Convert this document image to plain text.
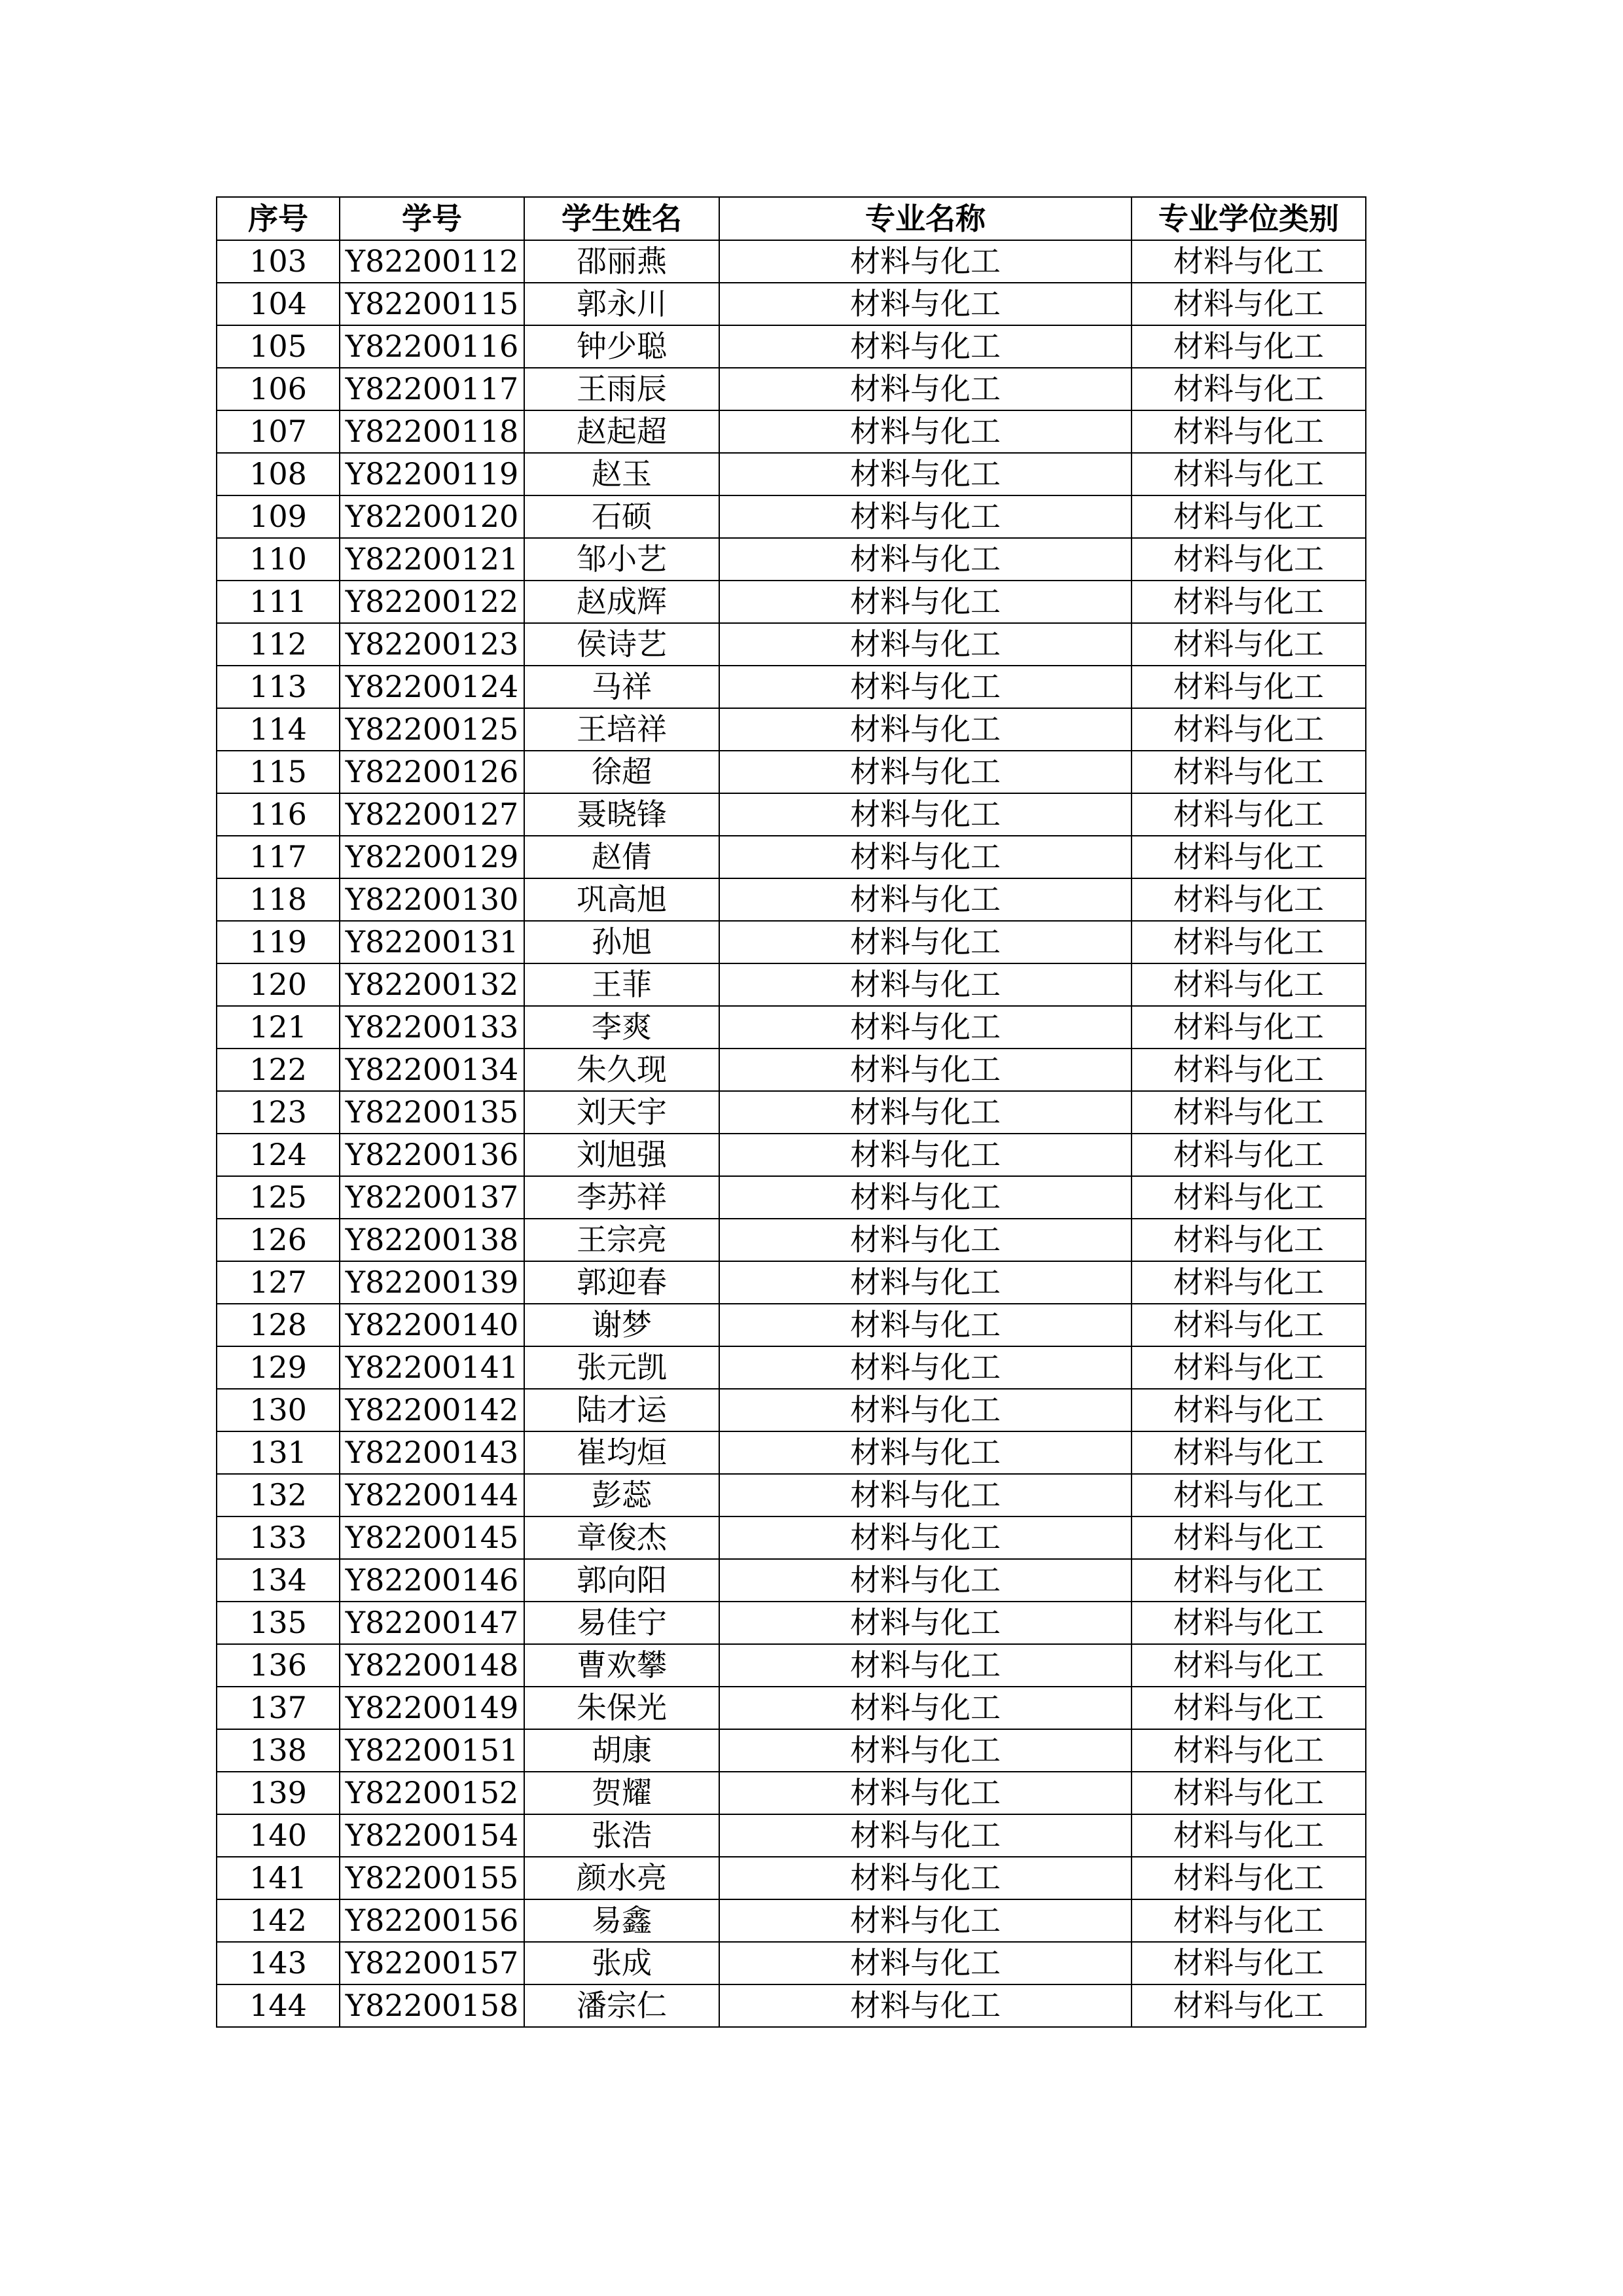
序号	学号	学生姓名	专业名称	专业学位类别
103	Y82200112	邵丽燕	材料与化工	材料与化工
104	Y82200115	郭永川	材料与化工	材料与化工
105	Y82200116	钟少聪	材料与化工	材料与化工
106	Y82200117	王雨辰	材料与化工	材料与化工
107	Y82200118	赵起超	材料与化工	材料与化工
108	Y82200119	赵玉	材料与化工	材料与化工
109	Y82200120	石硕	材料与化工	材料与化工
110	Y82200121	邹小艺	材料与化工	材料与化工
111	Y82200122	赵成辉	材料与化工	材料与化工
112	Y82200123	侯诗艺	材料与化工	材料与化工
113	Y82200124	马祥	材料与化工	材料与化工
114	Y82200125	王培祥	材料与化工	材料与化工
115	Y82200126	徐超	材料与化工	材料与化工
116	Y82200127	聂晓锋	材料与化工	材料与化工
117	Y82200129	赵倩	材料与化工	材料与化工
118	Y82200130	巩高旭	材料与化工	材料与化工
119	Y82200131	孙旭	材料与化工	材料与化工
120	Y82200132	王菲	材料与化工	材料与化工
121	Y82200133	李爽	材料与化工	材料与化工
122	Y82200134	朱久现	材料与化工	材料与化工
123	Y82200135	刘天宇	材料与化工	材料与化工
124	Y82200136	刘旭强	材料与化工	材料与化工
125	Y82200137	李苏祥	材料与化工	材料与化工
126	Y82200138	王宗亮	材料与化工	材料与化工
127	Y82200139	郭迎春	材料与化工	材料与化工
128	Y82200140	谢梦	材料与化工	材料与化工
129	Y82200141	张元凯	材料与化工	材料与化工
130	Y82200142	陆才运	材料与化工	材料与化工
131	Y82200143	崔均烜	材料与化工	材料与化工
132	Y82200144	彭蕊	材料与化工	材料与化工
133	Y82200145	章俊杰	材料与化工	材料与化工
134	Y82200146	郭向阳	材料与化工	材料与化工
135	Y82200147	易佳宁	材料与化工	材料与化工
136	Y82200148	曹欢攀	材料与化工	材料与化工
137	Y82200149	朱保光	材料与化工	材料与化工
138	Y82200151	胡康	材料与化工	材料与化工
139	Y82200152	贺耀	材料与化工	材料与化工
140	Y82200154	张浩	材料与化工	材料与化工
141	Y82200155	颜水亮	材料与化工	材料与化工
142	Y82200156	易鑫	材料与化工	材料与化工
143	Y82200157	张成	材料与化工	材料与化工
144	Y82200158	潘宗仁	材料与化工	材料与化工
